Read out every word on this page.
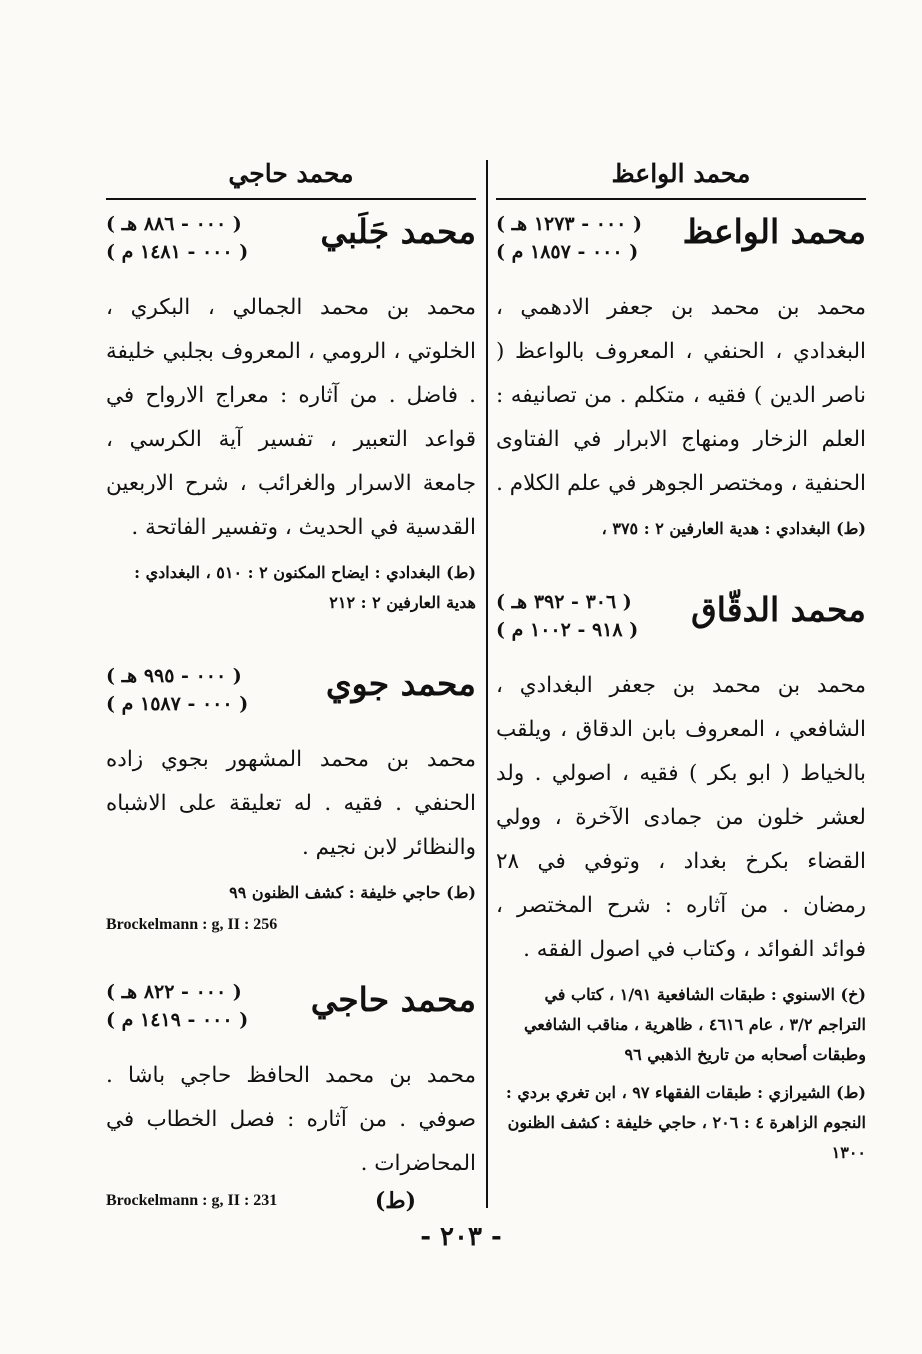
محمد الواعظ
محمد الواعظ
( ٠٠٠ - ١٢٧٣ هـ )
( ٠٠٠ - ١٨٥٧ م )

محمد بن محمد بن جعفر الادهمي ، البغدادي ، الحنفي ، المعروف بالواعظ ( ناصر الدين ) فقيه ، متكلم . من تصانيفه : العلم الزخار ومنهاج الابرار في الفتاوى الحنفية ، ومختصر الجوهر في علم الكلام .

(ط) البغدادي : هدية العارفين ٢ : ٣٧٥ ،

محمد الدقّاق
( ٣٠٦ - ٣٩٢ هـ )
( ٩١٨ - ١٠٠٢ م )

محمد بن محمد بن جعفر البغدادي ، الشافعي ، المعروف بابن الدقاق ، ويلقب بالخياط ( ابو بكر ) فقيه ، اصولي . ولد لعشر خلون من جمادى الآخرة ، وولي القضاء بكرخ بغداد ، وتوفي في ٢٨ رمضان . من آثاره : شرح المختصر ، فوائد الفوائد ، وكتاب في اصول الفقه .

(خ) الاسنوي : طبقات الشافعية ١/٩١ ، كتاب في التراجم ٣/٢ ، عام ٤٦١٦ ، ظاهرية ، مناقب الشافعي وطبقات أصحابه من تاريخ الذهبي ٩٦

(ط) الشيرازي : طبقات الفقهاء ٩٧ ، ابن تغري بردي : النجوم الزاهرة ٤ : ٢٠٦ ، حاجي خليفة : كشف الظنون ١٣٠٠

محمد حاجي
محمد جَلَبي
( ٠٠٠ - ٨٨٦ هـ )
( ٠٠٠ - ١٤٨١ م )

محمد بن محمد الجمالي ، البكري ، الخلوتي ، الرومي ، المعروف بجلبي خليفة . فاضل . من آثاره : معراج الارواح في قواعد التعبير ، تفسير آية الكرسي ، جامعة الاسرار والغرائب ، شرح الاربعين القدسية في الحديث ، وتفسير الفاتحة .

(ط) البغدادي : ايضاح المكنون ٢ : ٥١٠ ، البغدادي : هدية العارفين ٢ : ٢١٢

محمد جوي
( ٠٠٠ - ٩٩٥ هـ )
( ٠٠٠ - ١٥٨٧ م )

محمد بن محمد المشهور بجوي زاده الحنفي . فقيه . له تعليقة على الاشباه والنظائر لابن نجيم .

(ط) حاجي خليفة : كشف الظنون ٩٩

Brockelmann : g, II : 256

محمد حاجي
( ٠٠٠ - ٨٢٢ هـ )
( ٠٠٠ - ١٤١٩ م )

محمد بن محمد الحافظ حاجي باشا . صوفي . من آثاره : فصل الخطاب في المحاضرات .

(ط)

Brockelmann : g, II : 231

- ٢٠٣ -
